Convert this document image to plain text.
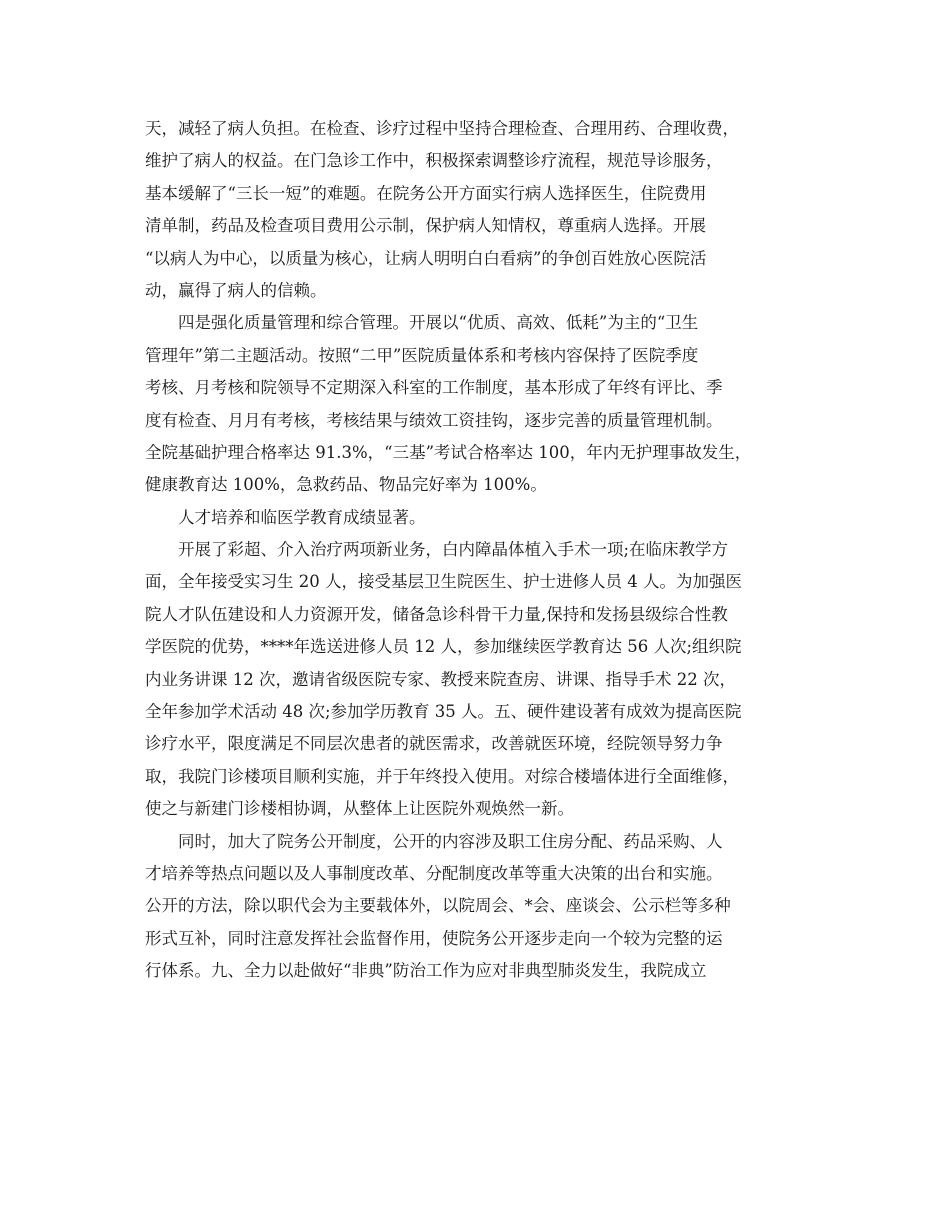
天，减轻了病人负担。在检查、诊疗过程中坚持合理检查、合理用药、合理收费，
维护了病人的权益。在门急诊工作中，积极探索调整诊疗流程，规范导诊服务，
基本缓解了“三长一短”的难题。在院务公开方面实行病人选择医生，住院费用
清单制，药品及检查项目费用公示制，保护病人知情权，尊重病人选择。开展
“以病人为中心，以质量为核心，让病人明明白白看病”的争创百姓放心医院活
动，赢得了病人的信赖。
四是强化质量管理和综合管理。开展以“优质、高效、低耗”为主的“卫生
管理年”第二主题活动。按照“二甲”医院质量体系和考核内容保持了医院季度
考核、月考核和院领导不定期深入科室的工作制度，基本形成了年终有评比、季
度有检查、月月有考核，考核结果与绩效工资挂钩，逐步完善的质量管理机制。
全院基础护理合格率达 91.3%，“三基”考试合格率达 100，年内无护理事故发生，
健康教育达 100%，急救药品、物品完好率为 100%。
人才培养和临医学教育成绩显著。
开展了彩超、介入治疗两项新业务，白内障晶体植入手术一项;在临床教学方
面，全年接受实习生 20 人，接受基层卫生院医生、护士进修人员 4 人。为加强医
院人才队伍建设和人力资源开发，储备急诊科骨干力量,保持和发扬县级综合性教
学医院的优势，****年选送进修人员 12 人，参加继续医学教育达 56 人次;组织院
内业务讲课 12 次，邀请省级医院专家、教授来院查房、讲课、指导手术 22 次，
全年参加学术活动 48 次;参加学历教育 35 人。五、硬件建设著有成效为提高医院
诊疗水平，限度满足不同层次患者的就医需求，改善就医环境，经院领导努力争
取，我院门诊楼项目顺利实施，并于年终投入使用。对综合楼墙体进行全面维修，
使之与新建门诊楼相协调，从整体上让医院外观焕然一新。
同时，加大了院务公开制度，公开的内容涉及职工住房分配、药品采购、人
才培养等热点问题以及人事制度改革、分配制度改革等重大决策的出台和实施。
公开的方法，除以职代会为主要载体外，以院周会、*会、座谈会、公示栏等多种
形式互补，同时注意发挥社会监督作用，使院务公开逐步走向一个较为完整的运
行体系。九、全力以赴做好“非典”防治工作为应对非典型肺炎发生，我院成立
